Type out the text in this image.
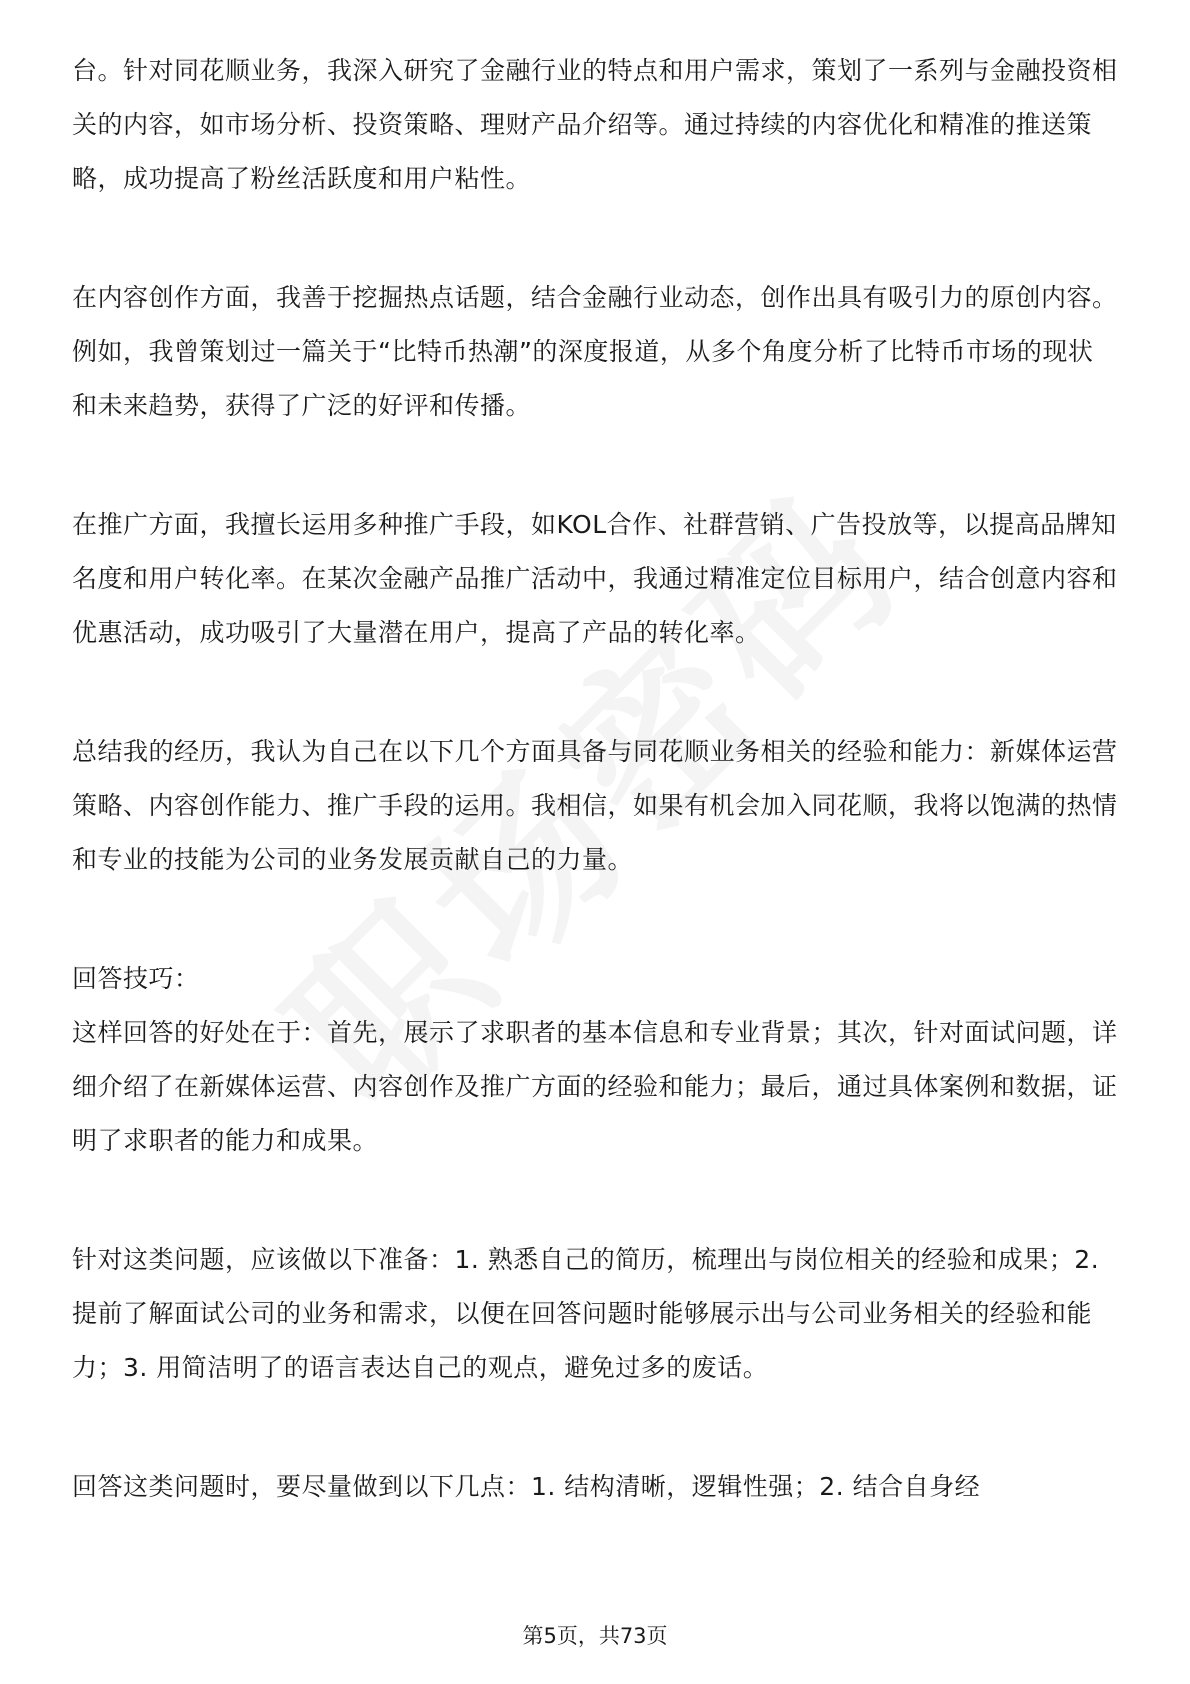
台。针对同花顺业务，我深入研究了金融行业的特点和用户需求，策划了一系列与金融投资相关的内容，如市场分析、投资策略、理财产品介绍等。通过持续的内容优化和精准的推送策略，成功提高了粉丝活跃度和用户粘性。

在内容创作方面，我善于挖掘热点话题，结合金融行业动态，创作出具有吸引力的原创内容。例如，我曾策划过一篇关于“比特币热潮”的深度报道，从多个角度分析了比特币市场的现状和未来趋势，获得了广泛的好评和传播。

在推广方面，我擅长运用多种推广手段，如KOL合作、社群营销、广告投放等，以提高品牌知名度和用户转化率。在某次金融产品推广活动中，我通过精准定位目标用户，结合创意内容和优惠活动，成功吸引了大量潜在用户，提高了产品的转化率。

总结我的经历，我认为自己在以下几个方面具备与同花顺业务相关的经验和能力：新媒体运营策略、内容创作能力、推广手段的运用。我相信，如果有机会加入同花顺，我将以饱满的热情和专业的技能为公司的业务发展贡献自己的力量。

回答技巧：

这样回答的好处在于：首先，展示了求职者的基本信息和专业背景；其次，针对面试问题，详细介绍了在新媒体运营、内容创作及推广方面的经验和能力；最后，通过具体案例和数据，证明了求职者的能力和成果。

针对这类问题，应该做以下准备：1. 熟悉自己的简历，梳理出与岗位相关的经验和成果；2. 提前了解面试公司的业务和需求，以便在回答问题时能够展示出与公司业务相关的经验和能力；3. 用简洁明了的语言表达自己的观点，避免过多的废话。

回答这类问题时，要尽量做到以下几点：1. 结构清晰，逻辑性强；2. 结合自身经

第5页，共73页
